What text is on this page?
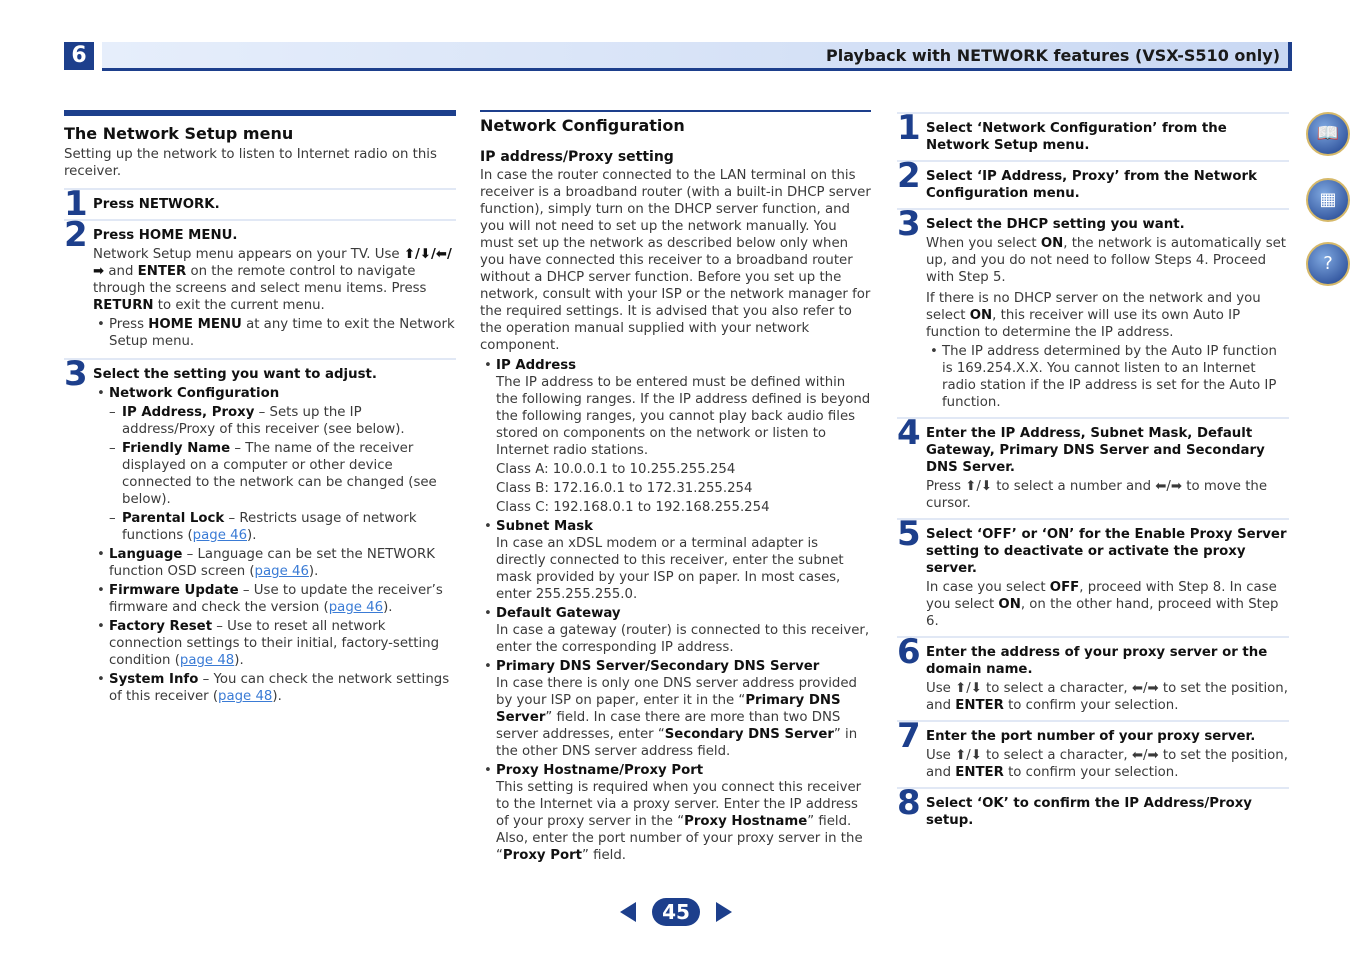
6	Playback with NETWORK features (VSX-S510 only)
The Network Setup menu

Setting up the network to listen to Internet radio on this receiver.

1 Press NETWORK.
2 Press HOME MENU.

Network Setup menu appears on your TV. Use ⬆/⬇/⬅/➡ and ENTER on the remote control to navigate through the screens and select menu items. Press RETURN to exit the current menu.

• Press HOME MENU at any time to exit the Network Setup menu.
3 Select the setting you want to adjust.
• Network Configuration
– IP Address, Proxy – Sets up the IP address/Proxy of this receiver (see below).
– Friendly Name – The name of the receiver displayed on a computer or other device connected to the network can be changed (see below).
– Parental Lock – Restricts usage of network functions (page 46).
• Language – Language can be set the NETWORK function OSD screen (page 46).
• Firmware Update – Use to update the receiver’s firmware and check the version (page 46).
• Factory Reset – Use to reset all network connection settings to their initial, factory-setting condition (page 48).
• System Info – You can check the network settings of this receiver (page 48).
Network Configuration
IP address/Proxy setting

In case the router connected to the LAN terminal on this receiver is a broadband router (with a built-in DHCP server function), simply turn on the DHCP server function, and you will not need to set up the network manually. You must set up the network as described below only when you have connected this receiver to a broadband router without a DHCP server function. Before you set up the network, consult with your ISP or the network manager for the required settings. It is advised that you also refer to the operation manual supplied with your network component.

• IP Address

The IP address to be entered must be defined within the following ranges. If the IP address defined is beyond the following ranges, you cannot play back audio files stored on components on the network or listen to Internet radio stations.

Class A: 10.0.0.1 to 10.255.255.254

Class B: 172.16.0.1 to 172.31.255.254

Class C: 192.168.0.1 to 192.168.255.254

• Subnet Mask

In case an xDSL modem or a terminal adapter is directly connected to this receiver, enter the subnet mask provided by your ISP on paper. In most cases, enter 255.255.255.0.

• Default Gateway

In case a gateway (router) is connected to this receiver, enter the corresponding IP address.

• Primary DNS Server/Secondary DNS Server

In case there is only one DNS server address provided by your ISP on paper, enter it in the “Primary DNS Server” field. In case there are more than two DNS server addresses, enter “Secondary DNS Server” in the other DNS server address field.

• Proxy Hostname/Proxy Port

This setting is required when you connect this receiver to the Internet via a proxy server. Enter the IP address of your proxy server in the “Proxy Hostname” field. Also, enter the port number of your proxy server in the “Proxy Port” field.

1 Select ‘Network Configuration’ from the Network Setup menu.
2 Select ‘IP Address, Proxy’ from the Network Configuration menu.
3 Select the DHCP setting you want.

When you select ON, the network is automatically set up, and you do not need to follow Steps 4. Proceed with Step 5.

If there is no DHCP server on the network and you select ON, this receiver will use its own Auto IP function to determine the IP address.

• The IP address determined by the Auto IP function is 169.254.X.X. You cannot listen to an Internet radio station if the IP address is set for the Auto IP function.
4 Enter the IP Address, Subnet Mask, Default Gateway, Primary DNS Server and Secondary DNS Server.

Press ⬆/⬇ to select a number and ⬅/➡ to move the cursor.

5 Select ‘OFF’ or ‘ON’ for the Enable Proxy Server setting to deactivate or activate the proxy server.

In case you select OFF, proceed with Step 8. In case you select ON, on the other hand, proceed with Step 6.

6 Enter the address of your proxy server or the domain name.

Use ⬆/⬇ to select a character, ⬅/➡ to set the position, and ENTER to confirm your selection.

7 Enter the port number of your proxy server.

Use ⬆/⬇ to select a character, ⬅/➡ to set the position, and ENTER to confirm your selection.

8 Select ‘OK’ to confirm the IP Address/Proxy setup.
📖
▦
?
45
